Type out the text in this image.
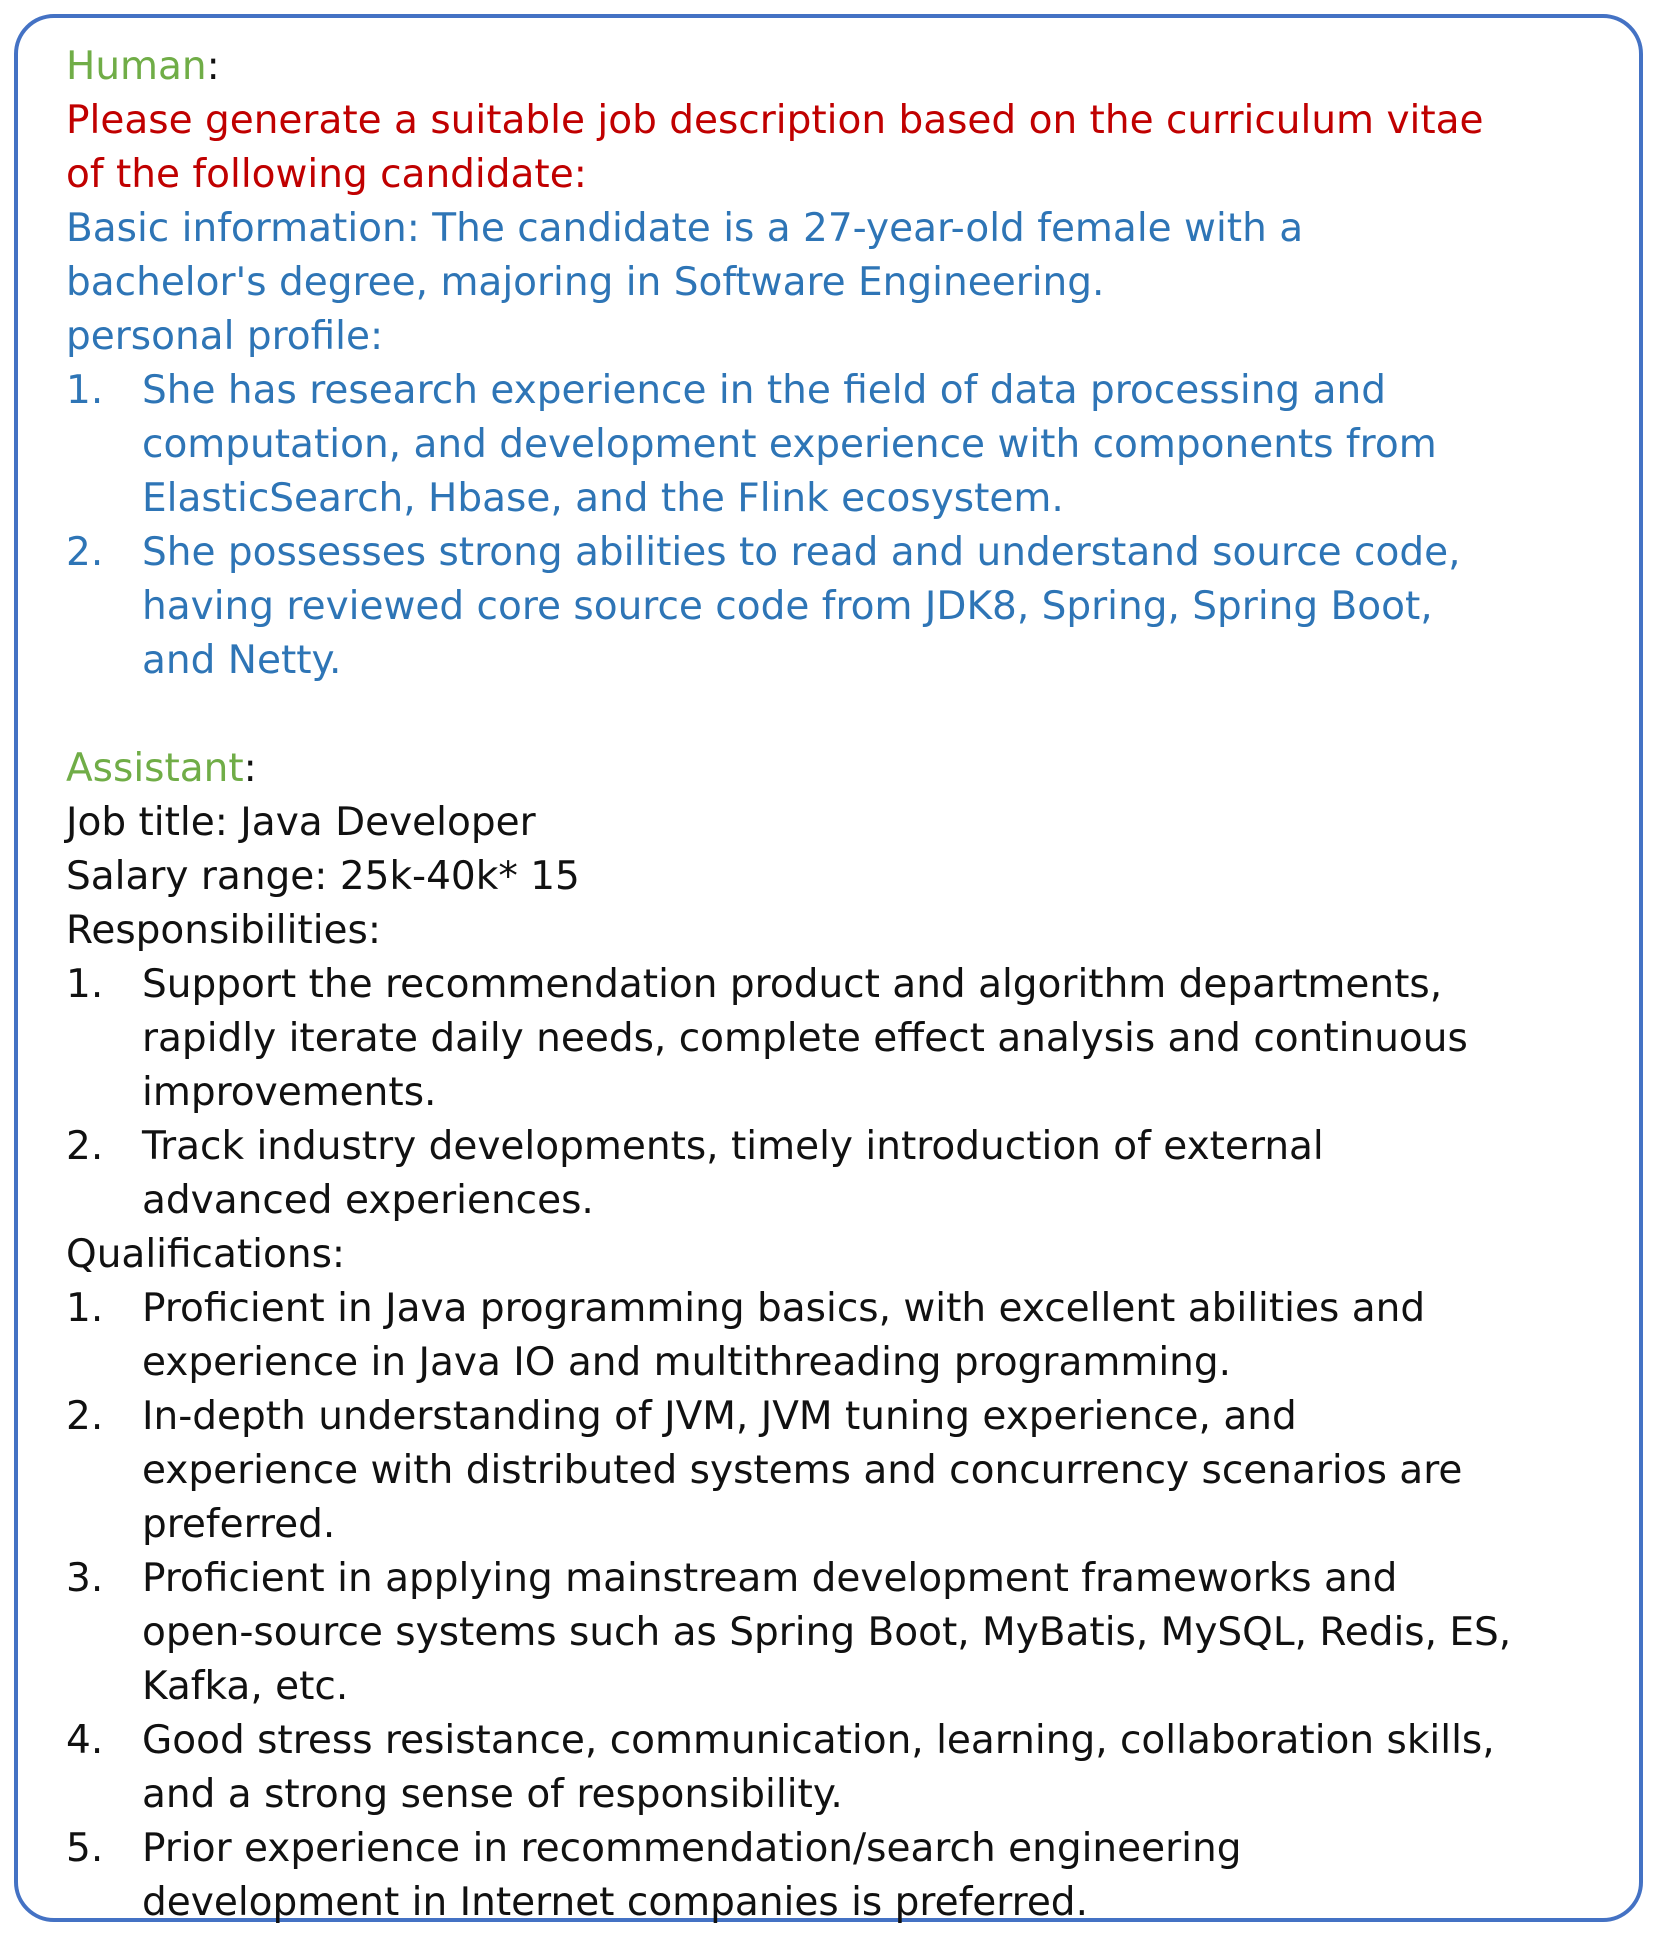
Human:
Please generate a suitable job description based on the curriculum vitae
of the following candidate:
Basic information: The candidate is a 27-year-old female with a
bachelor's degree, majoring in Software Engineering.
personal profile:
1. She has research experience in the field of data processing and
computation, and development experience with components from
ElasticSearch, Hbase, and the Flink ecosystem.
2. She possesses strong abilities to read and understand source code,
having reviewed core source code from JDK8, Spring, Spring Boot,
and Netty.
Assistant:
Job title: Java Developer
Salary range: 25k-40k* 15
Responsibilities:
1. Support the recommendation product and algorithm departments,
rapidly iterate daily needs, complete effect analysis and continuous
improvements.
2. Track industry developments, timely introduction of external
advanced experiences.
Qualifications:
1. Proficient in Java programming basics, with excellent abilities and
experience in Java IO and multithreading programming.
2. In-depth understanding of JVM, JVM tuning experience, and
experience with distributed systems and concurrency scenarios are
preferred.
3. Proficient in applying mainstream development frameworks and
open-source systems such as Spring Boot, MyBatis, MySQL, Redis, ES,
Kafka, etc.
4. Good stress resistance, communication, learning, collaboration skills,
and a strong sense of responsibility.
5. Prior experience in recommendation/search engineering
development in Internet companies is preferred.
